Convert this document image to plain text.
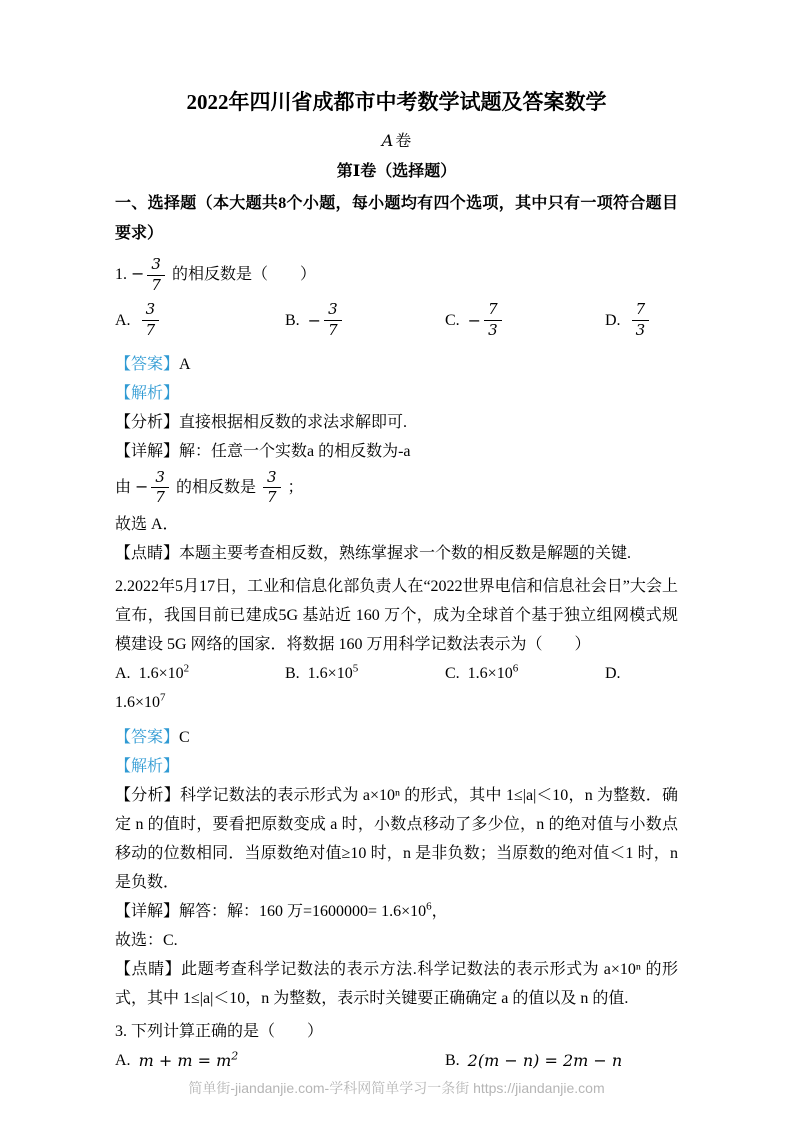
2022年四川省成都市中考数学试题及答案数学

A 卷

第Ⅰ卷（选择题）

一、选择题（本大题共8个小题，每小题均有四个选项，其中只有一项符合题目要求）

1. − $\frac{3}{7}$ 的相反数是（　　）

A. $\frac{3}{7}$	B. − $\frac{3}{7}$	C. − $\frac{7}{3}$	D. $\frac{7}{3}$

【答案】A

【解析】

【分析】直接根据相反数的求法求解即可.

【详解】解：任意一个实数a 的相反数为-a

由 − $\frac{3}{7}$ 的相反数是 $\frac{3}{7}$ ；

故选 A．

【点睛】本题主要考查相反数，熟练掌握求一个数的相反数是解题的关键.

2.2022年5月17日，工业和信息化部负责人在“2022世界电信和信息社会日”大会上宣布，我国目前已建成5G 基站近 160 万个，成为全球首个基于独立组网模式规模建设 5G 网络的国家．将数据 160 万用科学记数法表示为（　　）

A. $1.6\times 10^2$	B. $1.6\times 10^5$	C. $1.6\times 10^6$	D.

$1.6\times 10^7$

【答案】C

【解析】

【分析】科学记数法的表示形式为 a×10ⁿ 的形式，其中 1≤|a|＜10，n 为整数．确定 n 的值时，要看把原数变成 a 时，小数点移动了多少位，n 的绝对值与小数点移动的位数相同．当原数绝对值≥10 时，n 是非负数；当原数的绝对值＜1 时，n 是负数．

【详解】解答：解：160 万$=1600000= 1.6\times 10^6$，

故选：C.

【点睛】此题考查科学记数法的表示方法.科学记数法的表示形式为 a×10ⁿ 的形式，其中 1≤|a|＜10，n 为整数，表示时关键要正确确定 a 的值以及 n 的值.

3. 下列计算正确的是（　　）

A. $m + m = m^2$	B. 2(m − n) = 2m − n
简单街-jiandanjie.com-学科网简单学习一条街 https://jiandanjie.com
